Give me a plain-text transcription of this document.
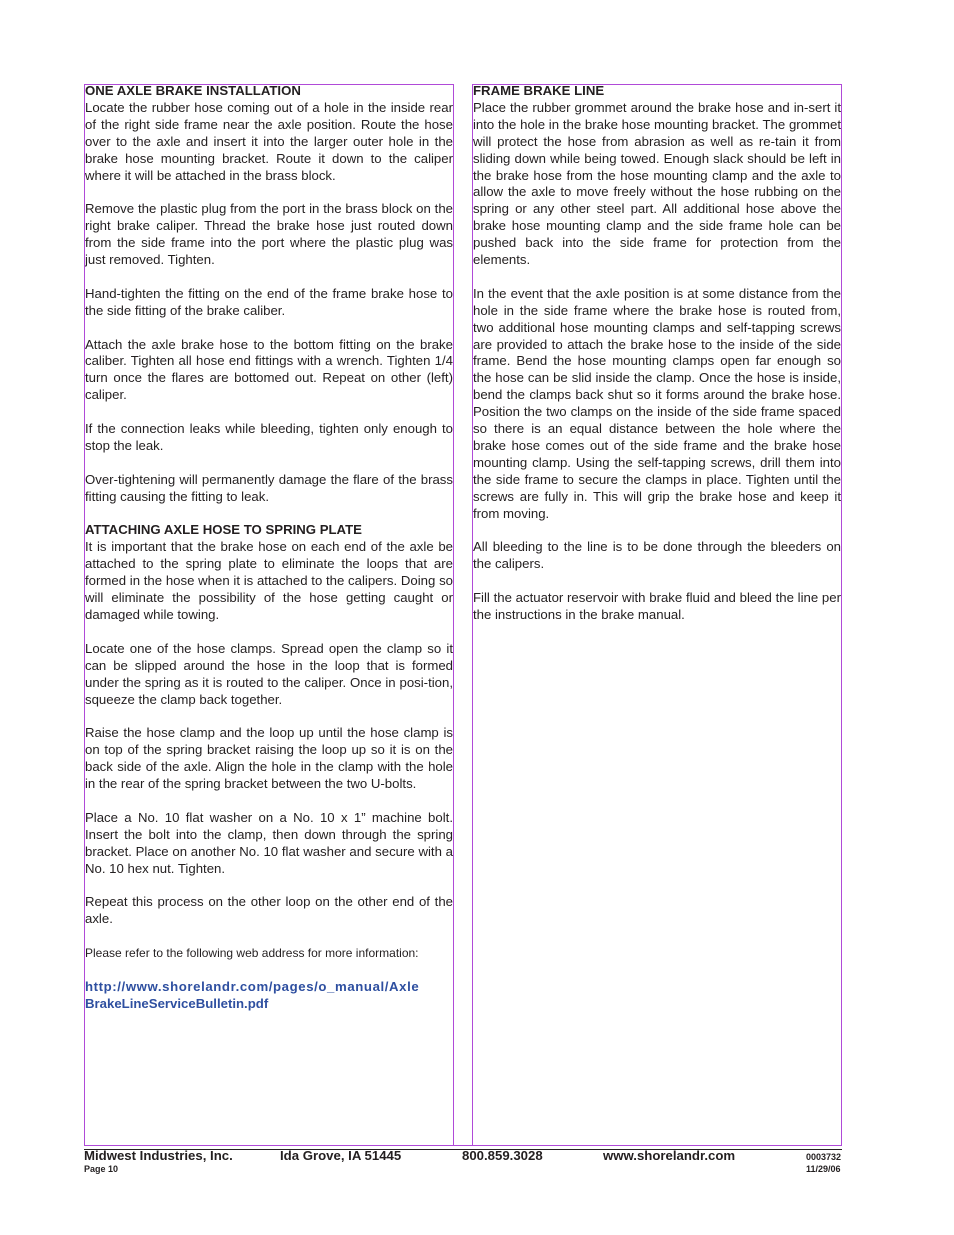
ONE AXLE BRAKE INSTALLATION

Locate the rubber hose coming out of a hole in the inside rear of the right side frame near the axle position. Route the hose over to the axle and insert it into the larger outer hole in the brake hose mounting bracket. Route it down to the caliper where it will be attached in the brass block.

Remove the plastic plug from the port in the brass block on the right brake caliper. Thread the brake hose just routed down from the side frame into the port where the plastic plug was just removed. Tighten.

Hand-tighten the fitting on the end of the frame brake hose to the side fitting of the brake caliber.

Attach the axle brake hose to the bottom fitting on the brake caliber. Tighten all hose end fittings with a wrench. Tighten 1/4 turn once the flares are bottomed out. Repeat on other (left) caliper.

If the connection leaks while bleeding, tighten only enough to stop the leak.

Over-tightening will permanently damage the flare of the brass fitting causing the fitting to leak.

ATTACHING AXLE HOSE TO SPRING PLATE

It is important that the brake hose on each end of the axle be attached to the spring plate to eliminate the loops that are formed in the hose when it is attached to the calipers. Doing so will eliminate the possibility of the hose getting caught or damaged while towing.

Locate one of the hose clamps. Spread open the clamp so it can be slipped around the hose in the loop that is formed under the spring as it is routed to the caliper. Once in posi-tion, squeeze the clamp back together.

Raise the hose clamp and the loop up until the hose clamp is on top of the spring bracket raising the loop up so it is on the back side of the axle. Align the hole in the clamp with the hole in the rear of the spring bracket between the two U-bolts.

Place a No. 10 flat washer on a No. 10 x 1” machine bolt. Insert the bolt into the clamp, then down through the spring bracket. Place on another No. 10 flat washer and secure with a No. 10 hex nut. Tighten.

Repeat this process on the other loop on the other end of the axle.

Please refer to the following web address for more information:

http://www.shorelandr.com/pages/o_manual/Axle
BrakeLineServiceBulletin.pdf
FRAME BRAKE LINE

Place the rubber grommet around the brake hose and in-sert it into the hole in the brake hose mounting bracket. The grommet will protect the hose from abrasion as well as re-tain it from sliding down while being towed. Enough slack should be left in the brake hose from the hose mounting clamp and the axle to allow the axle to move freely without the hose rubbing on the spring or any other steel part. All additional hose above the brake hose mounting clamp and the side frame hole can be pushed back into the side frame for protection from the elements.

In the event that the axle position is at some distance from the hole in the side frame where the brake hose is routed from, two additional hose mounting clamps and self-tapping screws are provided to attach the brake hose to the inside of the side frame. Bend the hose mounting clamps open far enough so the hose can be slid inside the clamp. Once the hose is inside, bend the clamps back shut so it forms around the brake hose. Position the two clamps on the inside of the side frame spaced so there is an equal distance between the hole where the brake hose comes out of the side frame and the brake hose mounting clamp. Using the self-tapping screws, drill them into the side frame to secure the clamps in place. Tighten until the screws are fully in. This will grip the brake hose and keep it from moving.

All bleeding to the line is to be done through the bleeders on the calipers.

Fill the actuator reservoir with brake fluid and bleed the line per the instructions in the brake manual.

Midwest Industries, Inc.	Ida Grove, IA 51445	800.859.3028	www.shorelandr.com	0003732
Page 10	11/29/06
